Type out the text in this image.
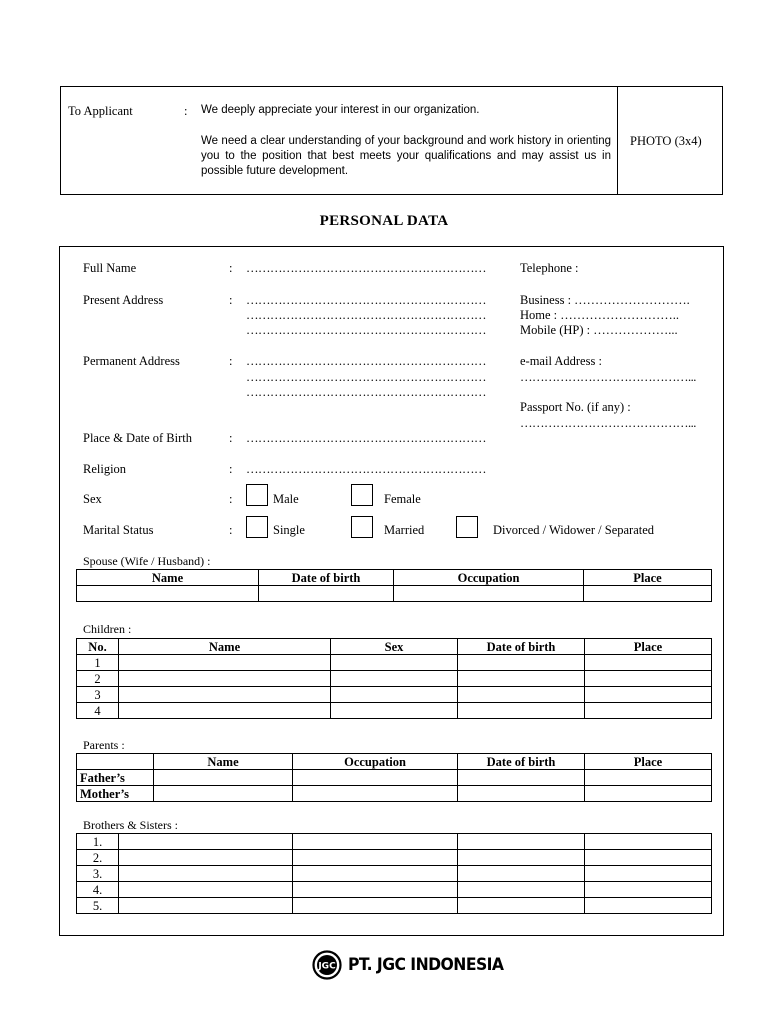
To Applicant	: We deeply appreciate your interest in our organization.
We need a clear understanding of your background and work history in orienting you to the position that best meets your qualifications and may assist us in possible future development.
PHOTO (3x4)
PERSONAL DATA
Full Name	: ……………………………………………………
Present Address	: ……………………………………………………
……………………………………………………
……………………………………………………
Permanent Address	: ……………………………………………………
……………………………………………………
……………………………………………………
Place & Date of Birth	: ……………………………………………………
Religion	: ……………………………………………………
Sex	:	Male	Female
Marital Status	:	Single	Married	Divorced / Widower / Separated
Telephone :
Business : ……………………….
Home : ………………………..
Mobile (HP) : ………………...
e-mail Address :
……………………………………...
Passport No. (if any) :
……………………………………...
Spouse (Wife / Husband) :
Name	Date of birth	Occupation	Place

Children :
No.	Name	Sex	Date of birth	Place
1				
2				
3				
4				
Parents :
	Name	Occupation	Date of birth	Place
Father’s				
Mother’s				
Brothers & Sisters :
1.				
2.				
3.				
4.				
5.				
JGC PT. JGC INDONESIA
